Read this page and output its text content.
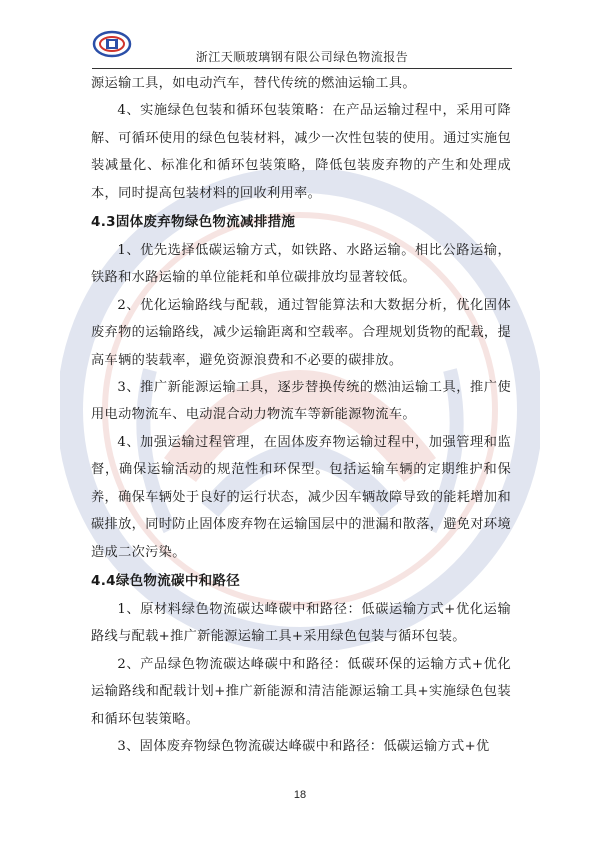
浙江天顺玻璃钢有限公司绿色物流报告

源运输工具，如电动汽车，替代传统的燃油运输工具。

4、实施绿色包装和循环包装策略：在产品运输过程中，采用可降解、可循环使用的绿色包装材料，减少一次性包装的使用。通过实施包装减量化、标准化和循环包装策略，降低包装废弃物的产生和处理成本，同时提高包装材料的回收利用率。

4.3固体废弃物绿色物流减排措施

1、优先选择低碳运输方式，如铁路、水路运输。相比公路运输，铁路和水路运输的单位能耗和单位碳排放均显著较低。

2、优化运输路线与配载，通过智能算法和大数据分析，优化固体废弃物的运输路线，减少运输距离和空载率。合理规划货物的配载，提高车辆的装载率，避免资源浪费和不必要的碳排放。

3、推广新能源运输工具，逐步替换传统的燃油运输工具，推广使用电动物流车、电动混合动力物流车等新能源物流车。

4、加强运输过程管理，在固体废弃物运输过程中，加强管理和监督，确保运输活动的规范性和环保型。包括运输车辆的定期维护和保养，确保车辆处于良好的运行状态，减少因车辆故障导致的能耗增加和碳排放，同时防止固体废弃物在运输国层中的泄漏和散落，避免对环境造成二次污染。

4.4绿色物流碳中和路径

1、原材料绿色物流碳达峰碳中和路径：低碳运输方式+优化运输路线与配载+推广新能源运输工具+采用绿色包装与循环包装。

2、产品绿色物流碳达峰碳中和路径：低碳环保的运输方式+优化运输路线和配载计划+推广新能源和清洁能源运输工具+实施绿色包装和循环包装策略。

3、固体废弃物绿色物流碳达峰碳中和路径：低碳运输方式+优

18
